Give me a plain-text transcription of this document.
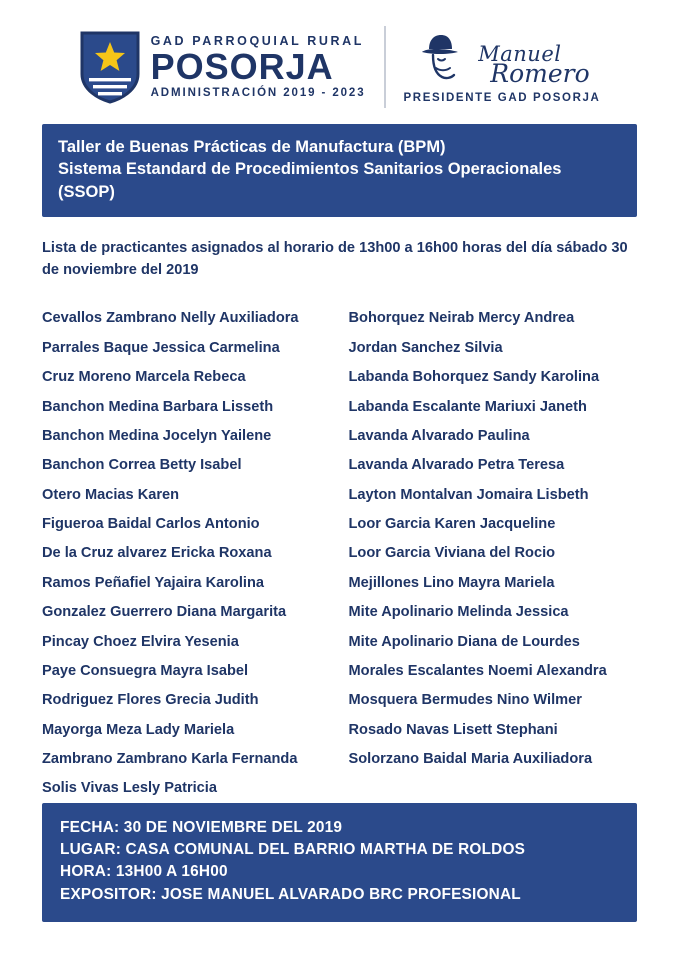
GAD PARROQUIAL RURAL
POSORJA
ADMINISTRACIÓN 2019 - 2023
Manuel
Romero
PRESIDENTE GAD POSORJA
Taller de Buenas Prácticas de Manufactura (BPM)
Sistema Estandard de Procedimientos Sanitarios Operacionales (SSOP)
Lista de practicantes asignados al horario de 13h00 a 16h00 horas del día sábado 30 de noviembre del 2019
Cevallos Zambrano Nelly Auxiliadora
Parrales Baque Jessica Carmelina
Cruz Moreno Marcela Rebeca
Banchon Medina Barbara Lisseth
Banchon Medina Jocelyn Yailene
Banchon Correa Betty Isabel
Otero Macias Karen
Figueroa Baidal Carlos Antonio
De la Cruz alvarez Ericka Roxana
Ramos Peñafiel Yajaira Karolina
Gonzalez Guerrero Diana Margarita
Pincay Choez Elvira Yesenia
Paye Consuegra Mayra Isabel
Rodriguez Flores Grecia Judith
Mayorga Meza Lady Mariela
Zambrano Zambrano Karla Fernanda
Solis Vivas Lesly Patricia
Bohorquez Neirab Mercy Andrea
Jordan Sanchez Silvia
Labanda Bohorquez Sandy Karolina
Labanda Escalante Mariuxi Janeth
Lavanda Alvarado Paulina
Lavanda Alvarado Petra Teresa
Layton Montalvan Jomaira Lisbeth
Loor Garcia Karen Jacqueline
Loor Garcia Viviana del Rocio
Mejillones Lino Mayra Mariela
Mite Apolinario Melinda Jessica
Mite Apolinario Diana de Lourdes
Morales Escalantes Noemi Alexandra
Mosquera Bermudes Nino Wilmer
Rosado Navas Lisett Stephani
Solorzano Baidal Maria Auxiliadora
FECHA: 30 DE NOVIEMBRE DEL 2019
LUGAR: CASA COMUNAL DEL BARRIO MARTHA DE ROLDOS
HORA: 13H00 A 16H00
EXPOSITOR: JOSE MANUEL ALVARADO BRC PROFESIONAL
